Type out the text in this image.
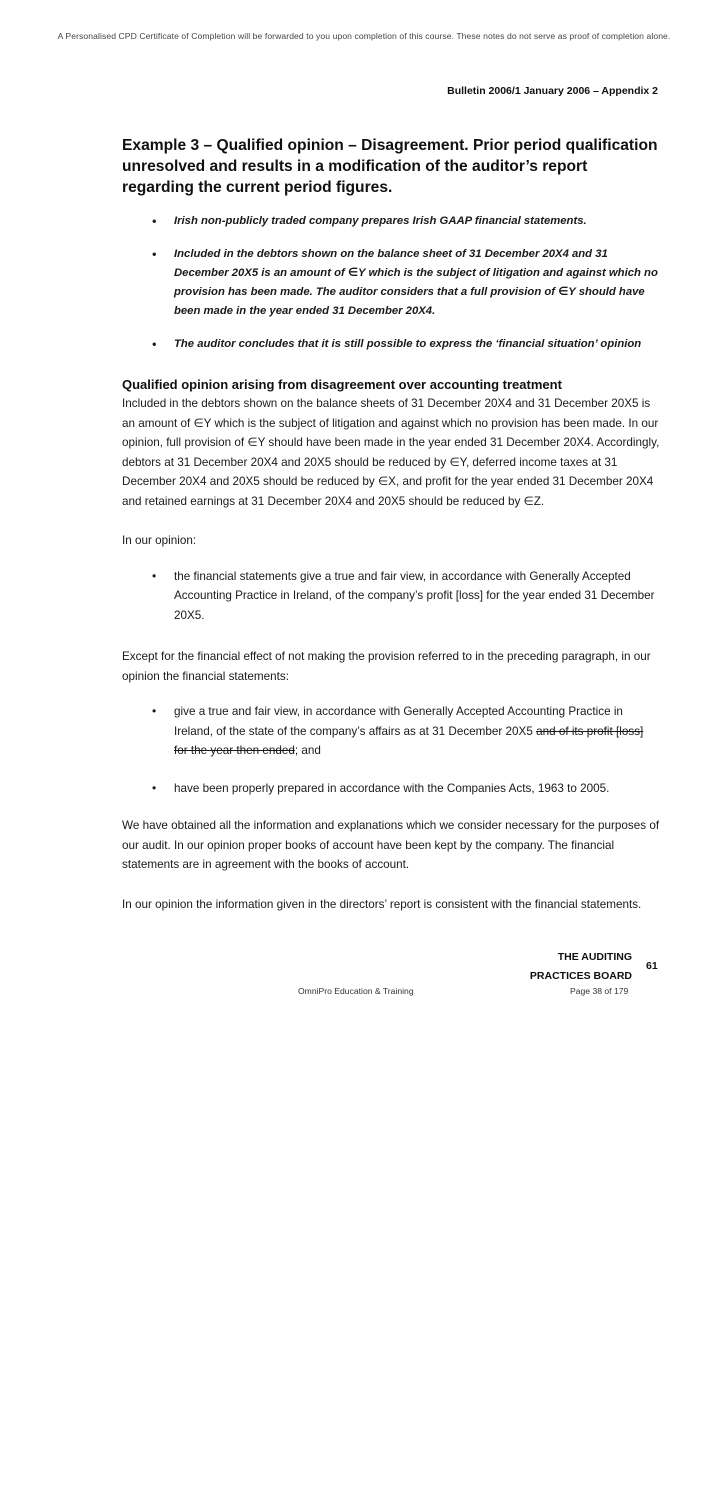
A Personalised CPD Certificate of Completion will be forwarded to you upon completion of this course. These notes do not serve as proof of completion alone.
Bulletin 2006/1 January 2006 – Appendix 2
Example 3 – Qualified opinion – Disagreement. Prior period qualification unresolved and results in a modification of the auditor’s report regarding the current period figures.
• Irish non-publicly traded company prepares Irish GAAP financial statements.
• Included in the debtors shown on the balance sheet of 31 December 20X4 and 31 December 20X5 is an amount of ∈Y which is the subject of litigation and against which no provision has been made. The auditor considers that a full provision of ∈Y should have been made in the year ended 31 December 20X4.
• The auditor concludes that it is still possible to express the ‘financial situation’ opinion
Qualified opinion arising from disagreement over accounting treatment

Included in the debtors shown on the balance sheets of 31 December 20X4 and 31 December 20X5 is an amount of ∈Y which is the subject of litigation and against which no provision has been made. In our opinion, full provision of ∈Y should have been made in the year ended 31 December 20X4. Accordingly, debtors at 31 December 20X4 and 20X5 should be reduced by ∈Y, deferred income taxes at 31 December 20X4 and 20X5 should be reduced by ∈X, and profit for the year ended 31 December 20X4 and retained earnings at 31 December 20X4 and 20X5 should be reduced by ∈Z.

In our opinion:

• the financial statements give a true and fair view, in accordance with Generally Accepted Accounting Practice in Ireland, of the company’s profit [loss] for the year ended 31 December 20X5.

Except for the financial effect of not making the provision referred to in the preceding paragraph, in our opinion the financial statements:

• give a true and fair view, in accordance with Generally Accepted Accounting Practice in Ireland, of the state of the company’s affairs as at 31 December 20X5 and of its profit [loss] for the year then ended; and
• have been properly prepared in accordance with the Companies Acts, 1963 to 2005.

We have obtained all the information and explanations which we consider necessary for the purposes of our audit. In our opinion proper books of account have been kept by the company. The financial statements are in agreement with the books of account.

In our opinion the information given in the directors’ report is consistent with the financial statements.

THE AUDITING
PRACTICES BOARD
61
OmniPro Education & Training	Page 38 of 179
